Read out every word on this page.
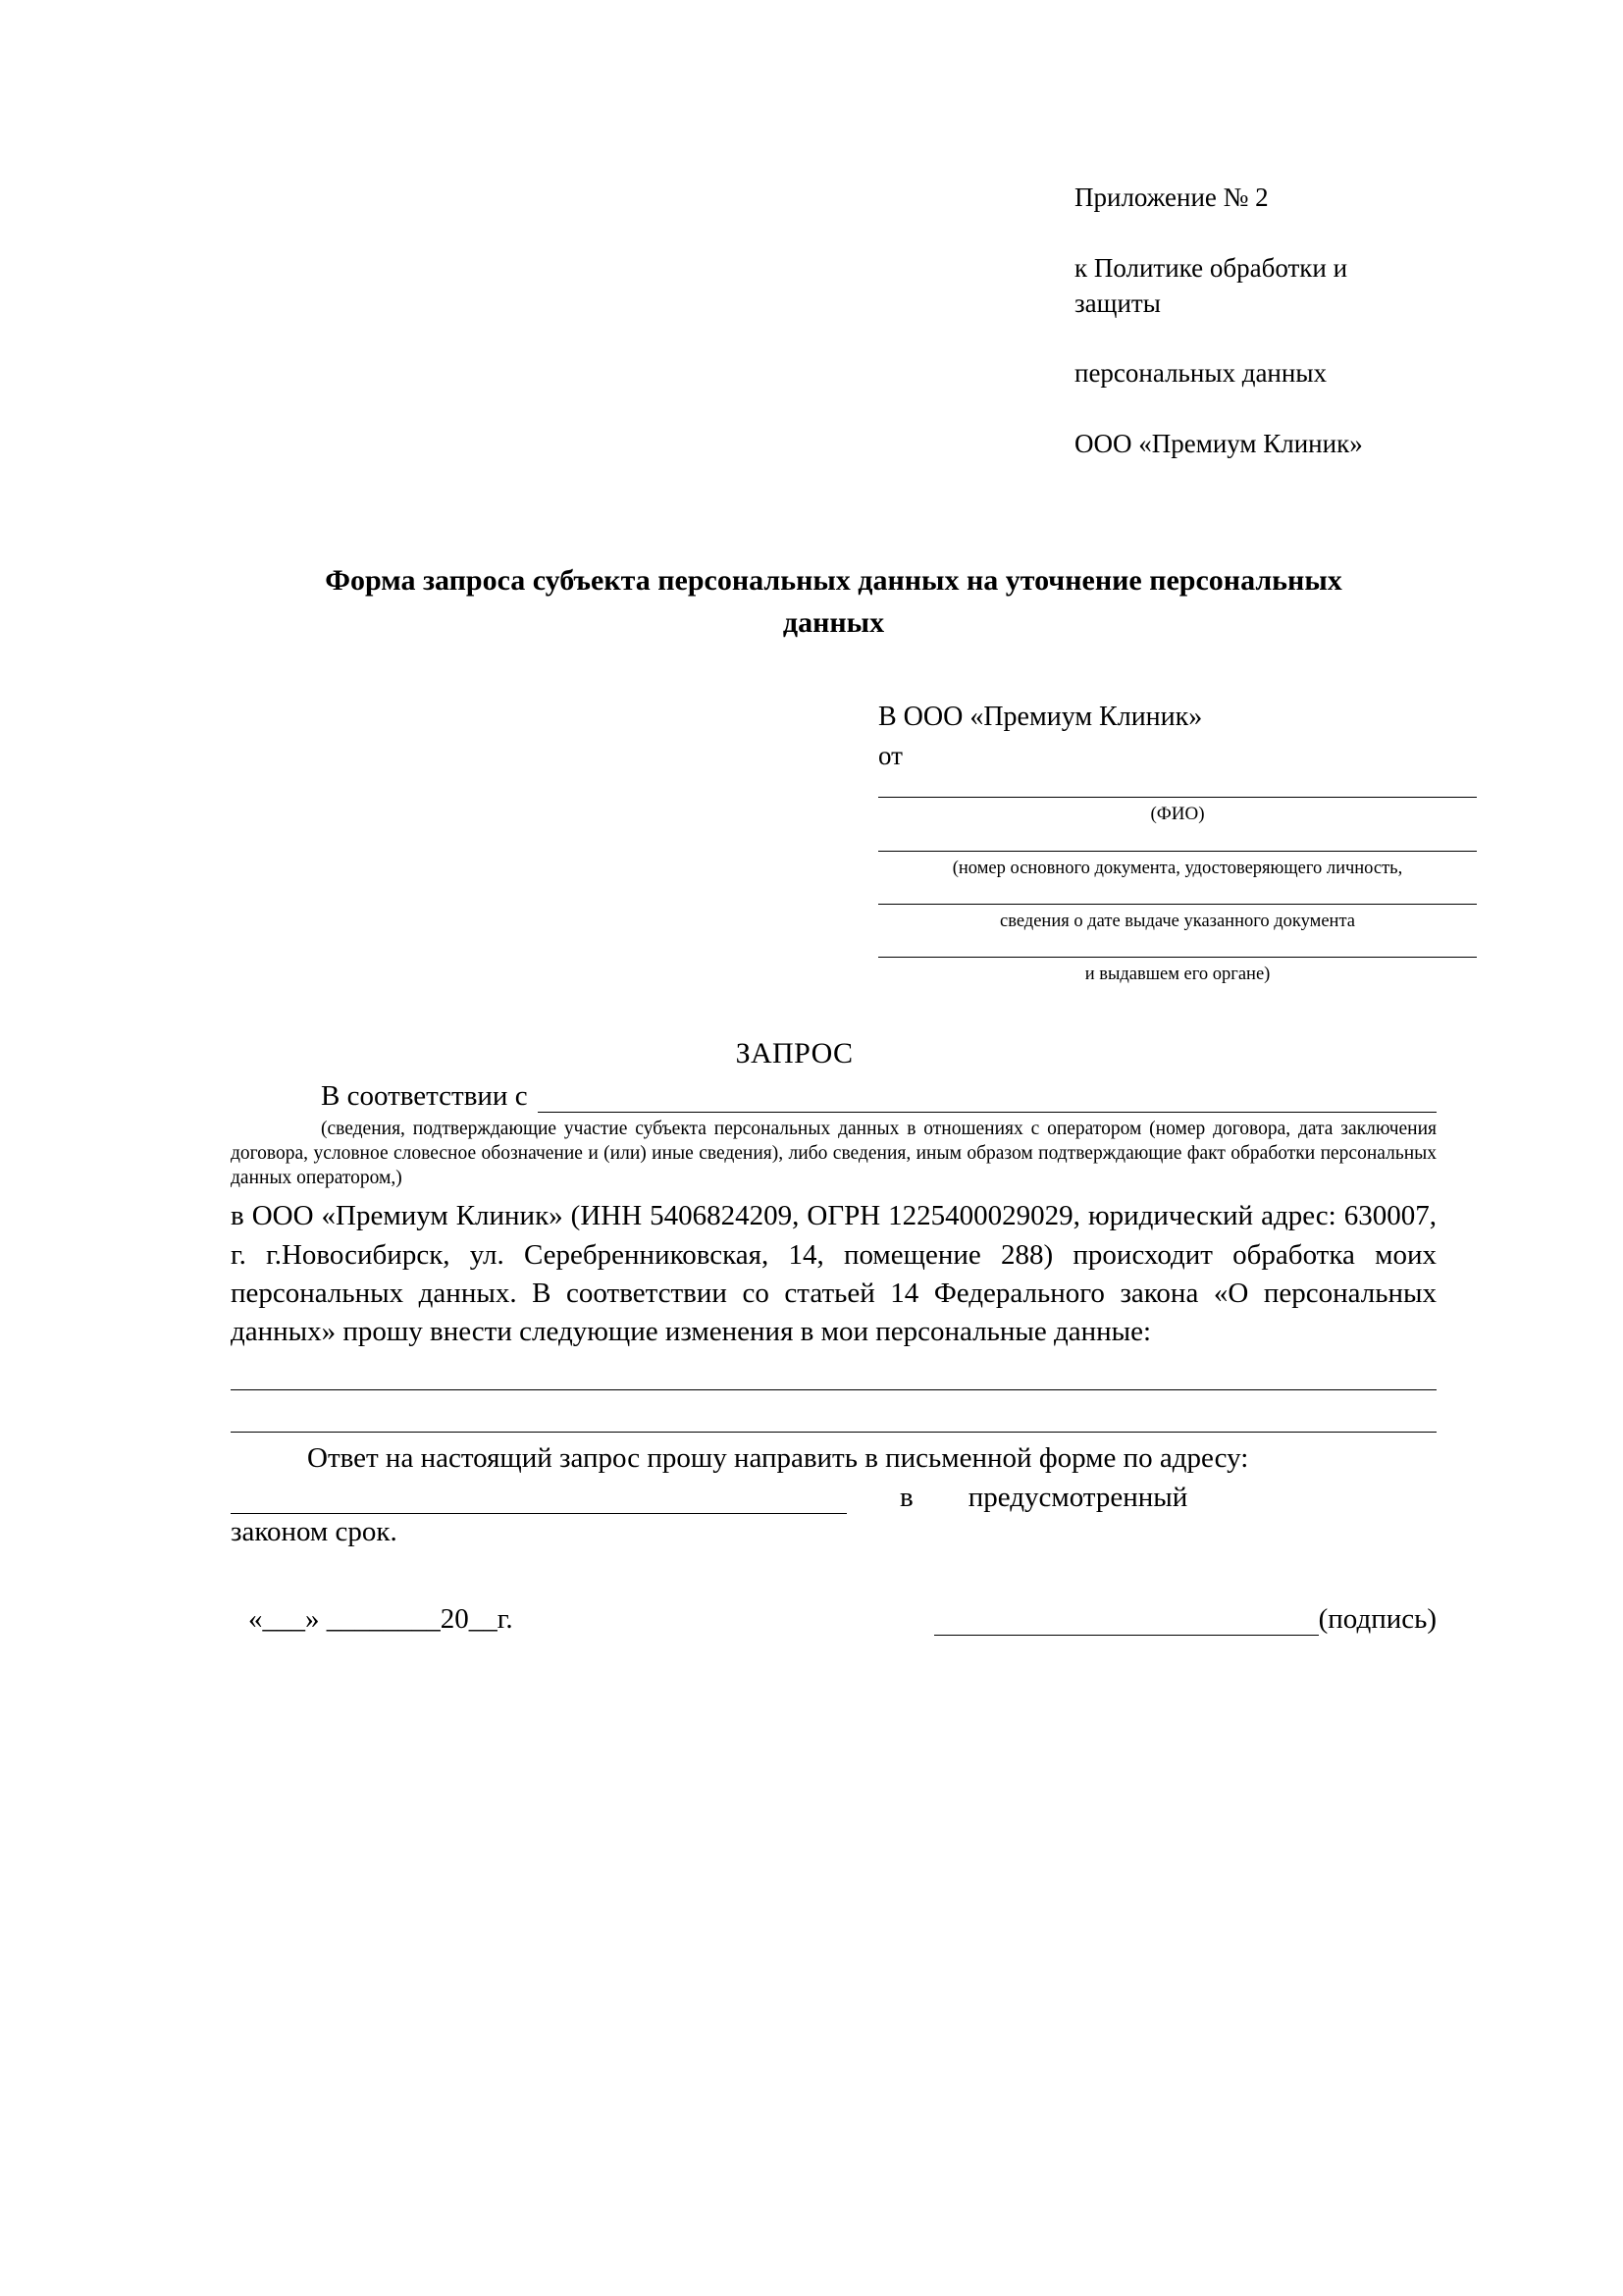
Приложение № 2

к Политике обработки и защиты

персональных данных

ООО «Премиум Клиник»

Форма запроса субъекта персональных данных на уточнение персональных данных
В ООО «Премиум Клиник»
от
(ФИО)
(номер основного документа, удостоверяющего личность,
сведения о дате выдаче указанного документа
и выдавшем его органе)
ЗАПРОС
В соответствии с
(сведения, подтверждающие участие субъекта персональных данных в отношениях с оператором (номер договора, дата заключения договора, условное словесное обозначение и (или) иные сведения), либо сведения, иным образом подтверждающие факт обработки персональных данных оператором,)
в ООО «Премиум Клиник» (ИНН 5406824209, ОГРН 1225400029029, юридический адрес: 630007, г. г.Новосибирск, ул. Серебренниковская, 14, помещение 288) происходит обработка моих персональных данных. В соответствии со статьей 14 Федерального закона «О персональных данных» прошу внести следующие изменения в мои персональные данные:
Ответ на настоящий запрос прошу направить в письменной форме по адресу:
в предусмотренный
законом срок.
«___» ________20__г.	(подпись)
